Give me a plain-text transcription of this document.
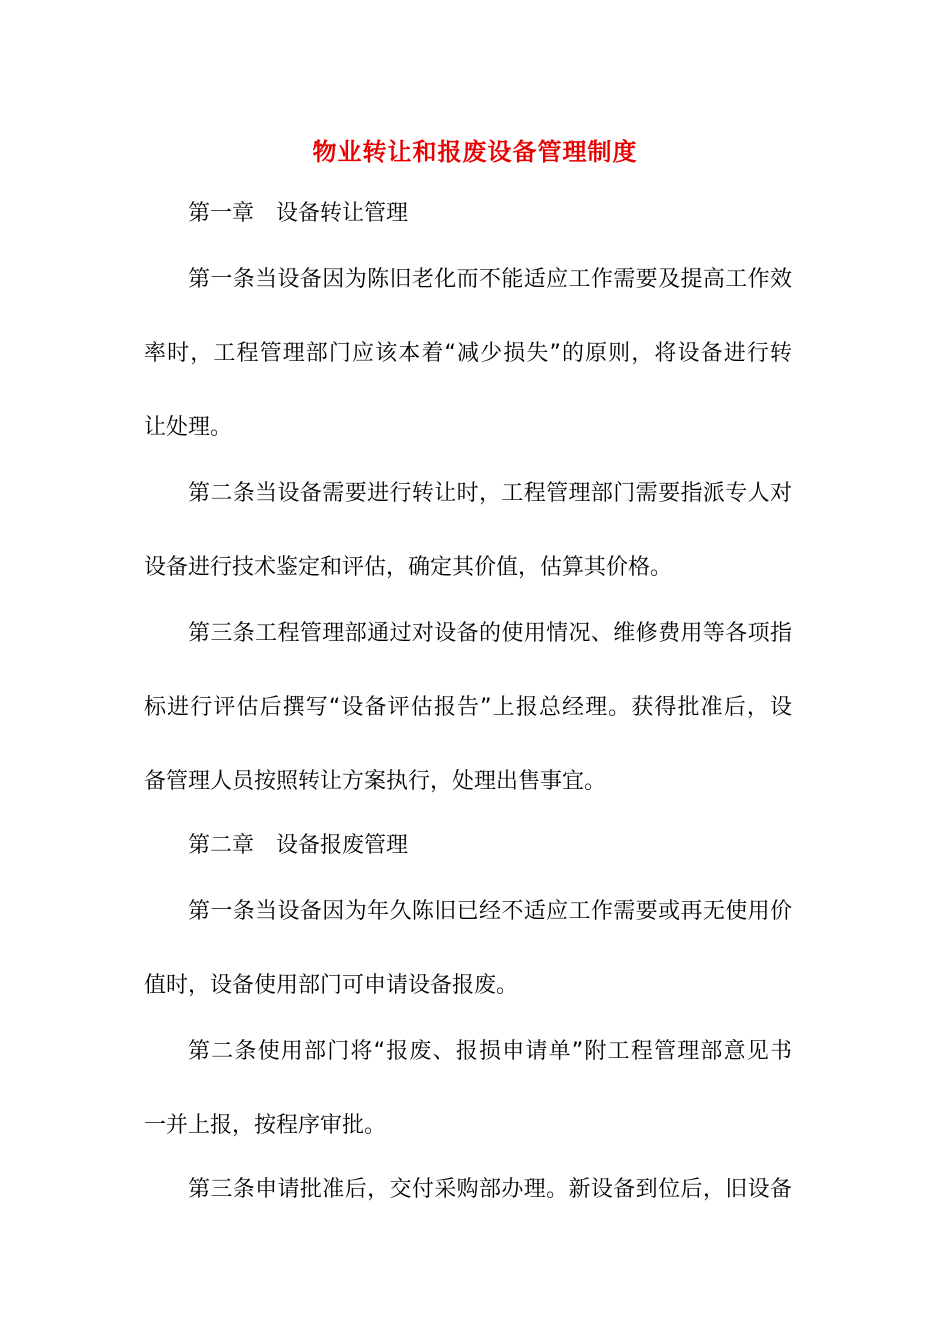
物业转让和报废设备管理制度
第一章 设备转让管理
第一条当设备因为陈旧老化而不能适应工作需要及提高工作效
率时，工程管理部门应该本着“减少损失”的原则，将设备进行转
让处理。
第二条当设备需要进行转让时，工程管理部门需要指派专人对
设备进行技术鉴定和评估，确定其价值，估算其价格。
第三条工程管理部通过对设备的使用情况、维修费用等各项指
标进行评估后撰写“设备评估报告”上报总经理。获得批准后，设
备管理人员按照转让方案执行，处理出售事宜。
第二章 设备报废管理
第一条当设备因为年久陈旧已经不适应工作需要或再无使用价
值时，设备使用部门可申请设备报废。
第二条使用部门将“报废、报损申请单”附工程管理部意见书
一并上报，按程序审批。
第三条申请批准后，交付采购部办理。新设备到位后，旧设备
